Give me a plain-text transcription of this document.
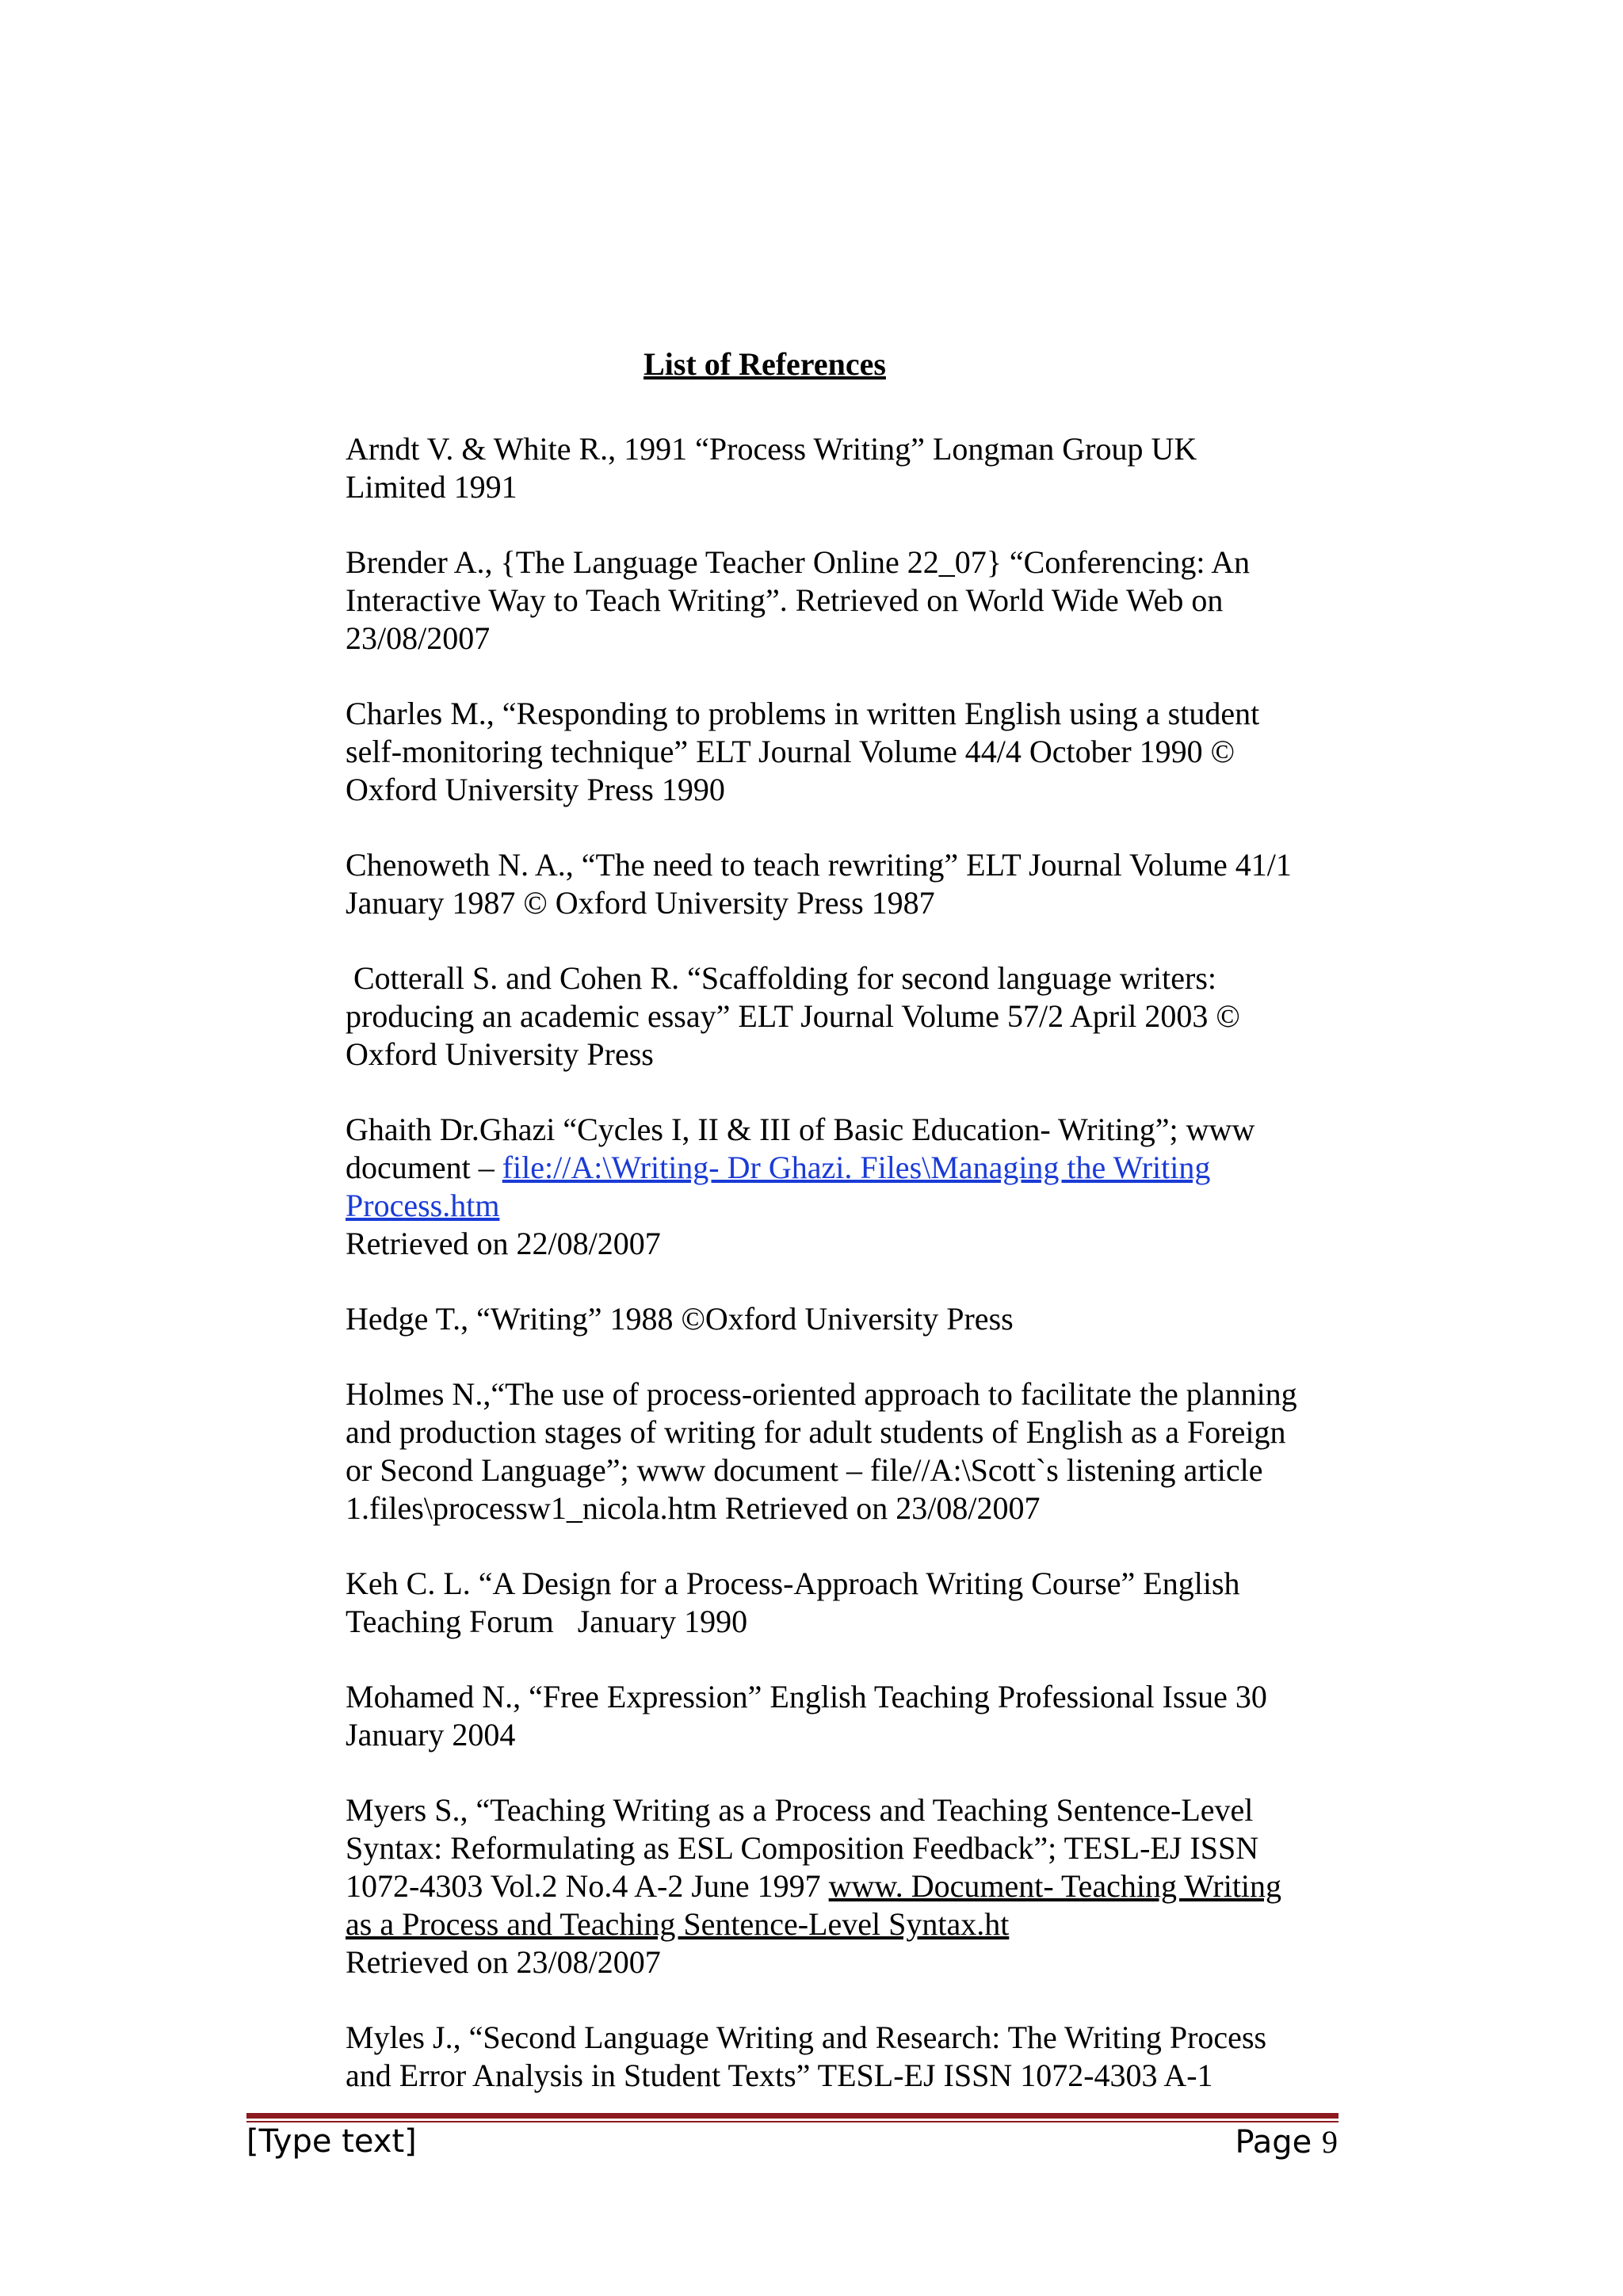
List of References

Arndt V. & White R., 1991 “Process Writing” Longman Group UK
Limited 1991

Brender A., {The Language Teacher Online 22_07} “Conferencing: An
Interactive Way to Teach Writing”. Retrieved on World Wide Web on
23/08/2007

Charles M., “Responding to problems in written English using a student
self-monitoring technique” ELT Journal Volume 44/4 October 1990 ©
Oxford University Press 1990

Chenoweth N. A., “The need to teach rewriting” ELT Journal Volume 41/1
January 1987 © Oxford University Press 1987

Cotterall S. and Cohen R. “Scaffolding for second language writers:
producing an academic essay” ELT Journal Volume 57/2 April 2003 ©
Oxford University Press

Ghaith Dr.Ghazi “Cycles I, II & III of Basic Education- Writing”; www
document – file://A:\Writing- Dr Ghazi. Files\Managing the Writing
Process.htm
Retrieved on 22/08/2007

Hedge T., “Writing” 1988 ©Oxford University Press

Holmes N.,“The use of process-oriented approach to facilitate the planning
and production stages of writing for adult students of English as a Foreign
or Second Language”; www document – file//A:\Scott`s listening article
1.files\processw1_nicola.htm Retrieved on 23/08/2007

Keh C. L. “A Design for a Process-Approach Writing Course” English
Teaching Forum   January 1990

Mohamed N., “Free Expression” English Teaching Professional Issue 30
January 2004

Myers S., “Teaching Writing as a Process and Teaching Sentence-Level
Syntax: Reformulating as ESL Composition Feedback”; TESL-EJ ISSN
1072-4303 Vol.2 No.4 A-2 June 1997 www. Document- Teaching Writing
as a Process and Teaching Sentence-Level Syntax.ht
Retrieved on 23/08/2007

Myles J., “Second Language Writing and Research: The Writing Process
and Error Analysis in Student Texts” TESL-EJ ISSN 1072-4303 A-1

[Type text]	Page 9
